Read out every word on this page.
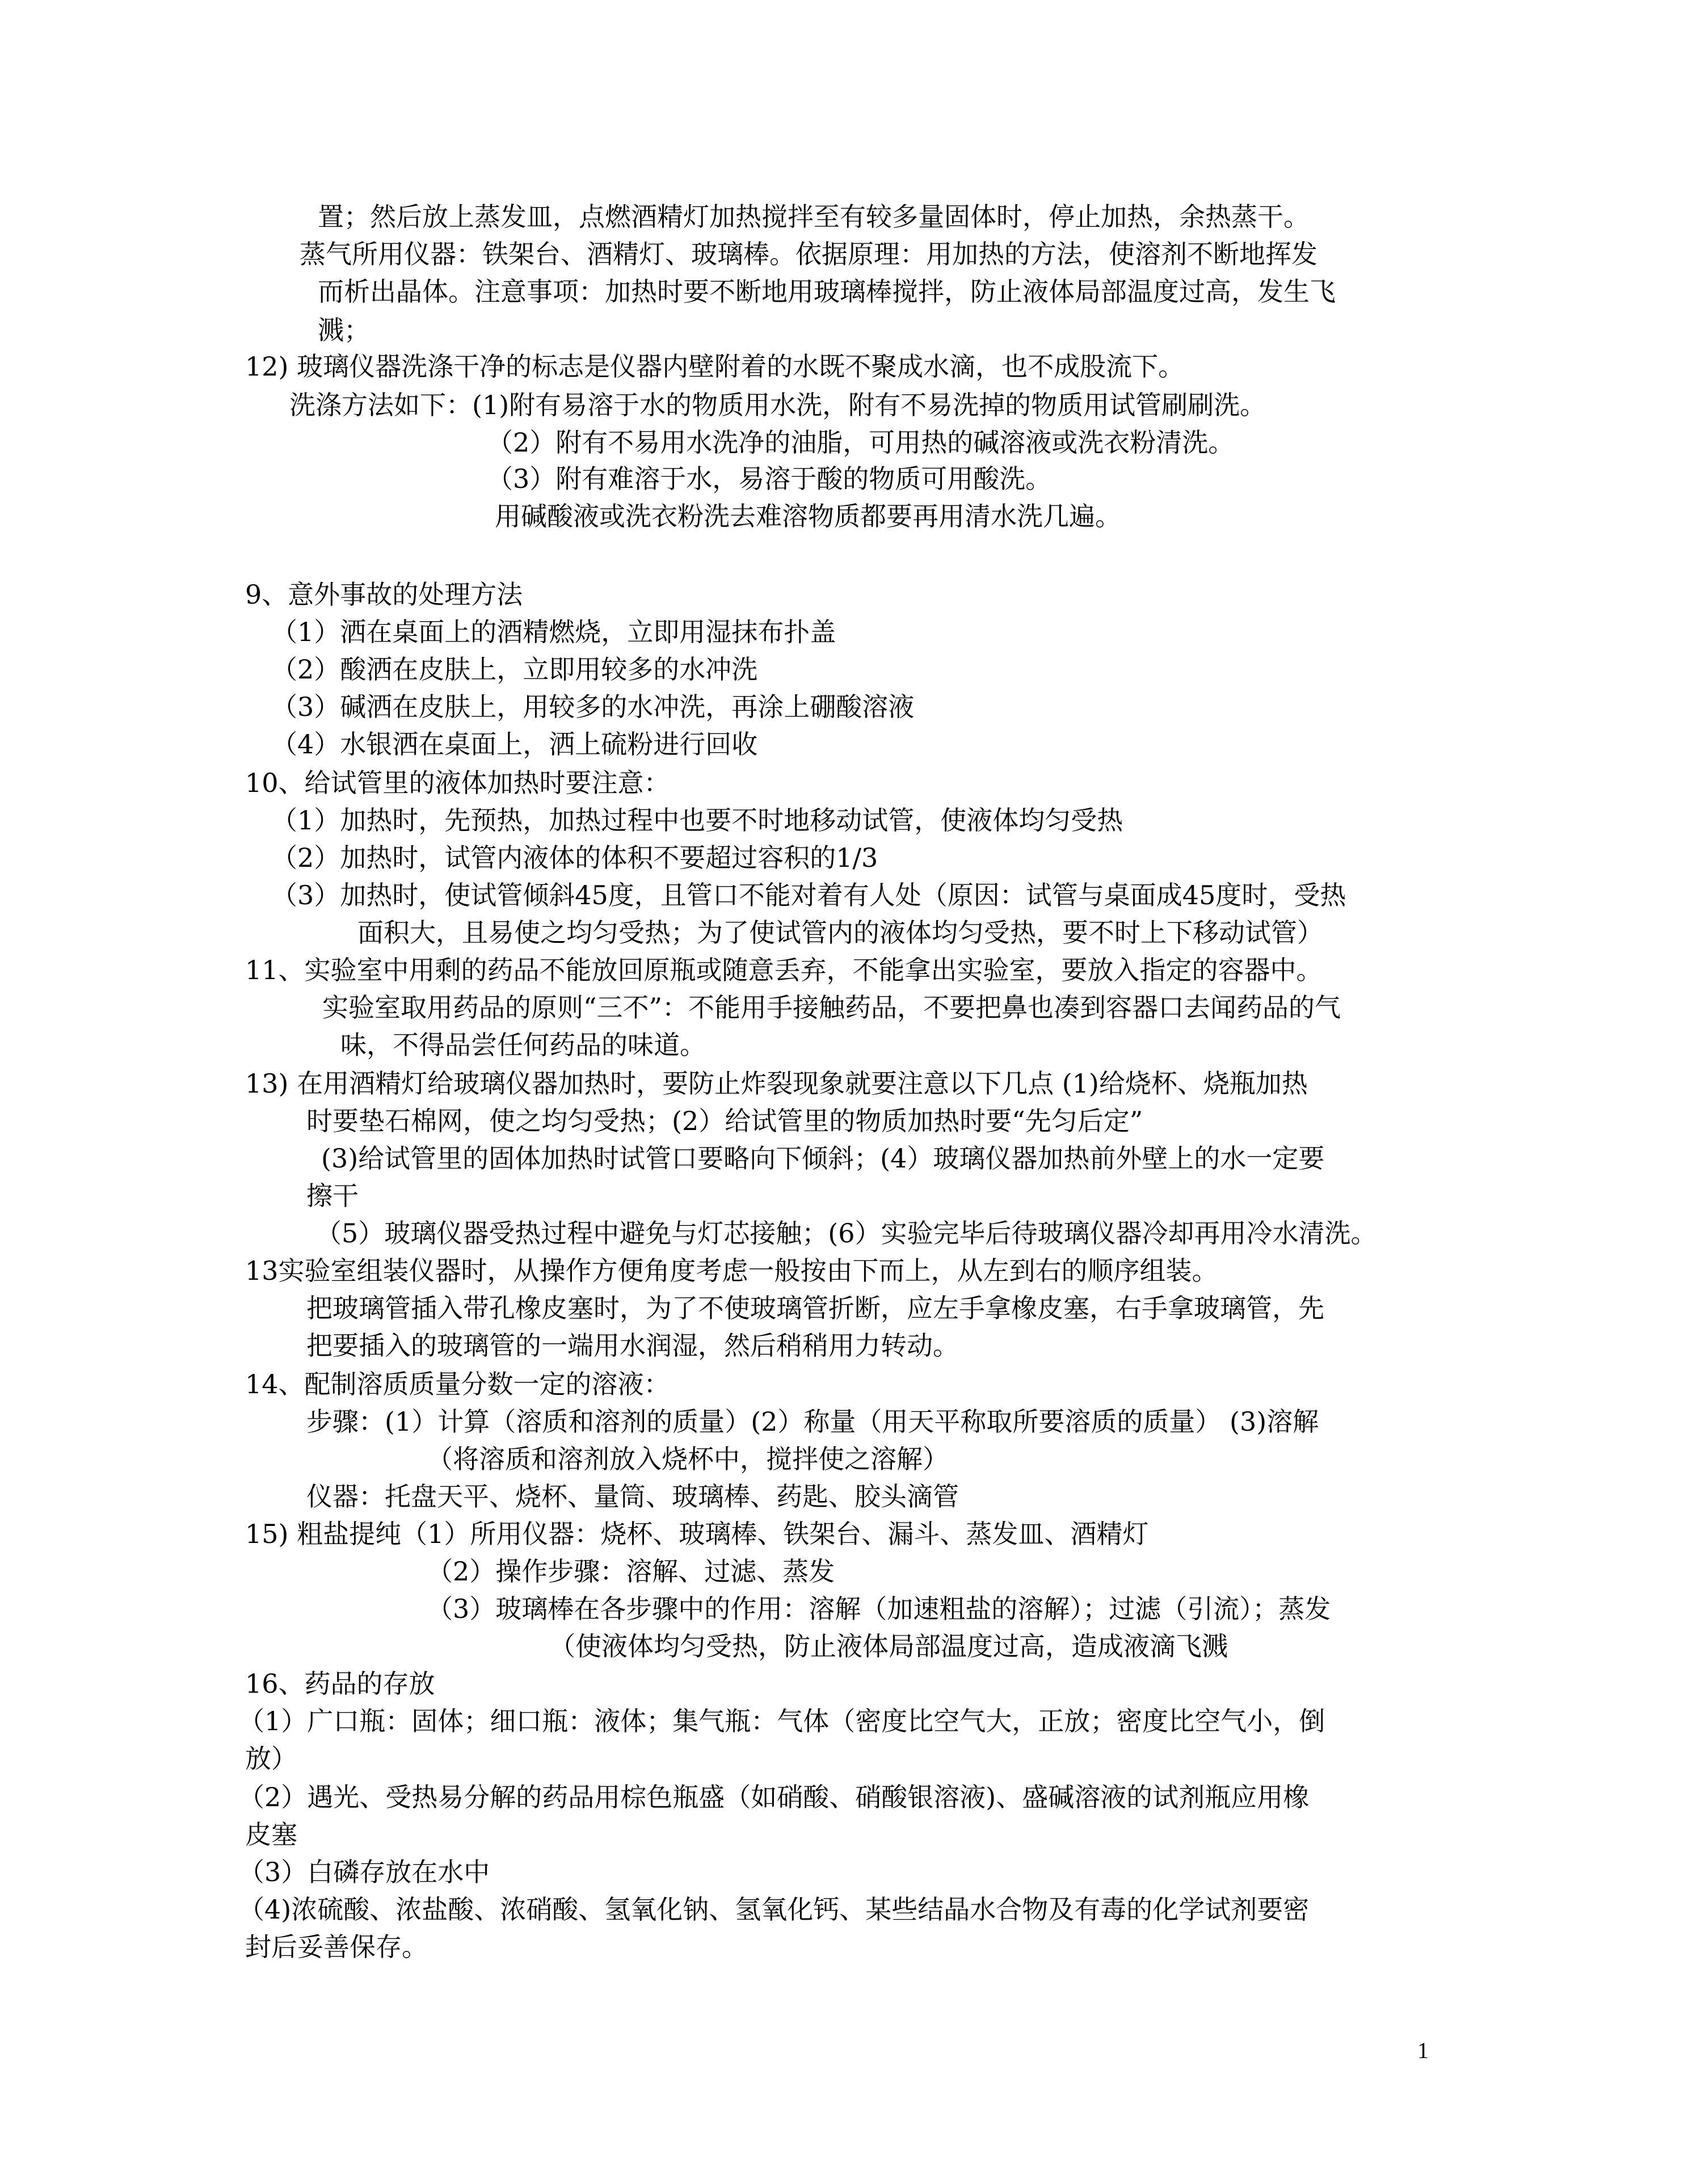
置；然后放上蒸发皿，点燃酒精灯加热搅拌至有较多量固体时，停止加热，余热蒸干。
蒸气所用仪器：铁架台、酒精灯、玻璃棒。依据原理：用加热的方法，使溶剂不断地挥发
而析出晶体。注意事项：加热时要不断地用玻璃棒搅拌，防止液体局部温度过高，发生飞
溅；
12) 玻璃仪器洗涤干净的标志是仪器内壁附着的水既不聚成水滴，也不成股流下。
洗涤方法如下：(1)附有易溶于水的物质用水洗，附有不易洗掉的物质用试管刷刷洗。
（2）附有不易用水洗净的油脂，可用热的碱溶液或洗衣粉清洗。
（3）附有难溶于水，易溶于酸的物质可用酸洗。
用碱酸液或洗衣粉洗去难溶物质都要再用清水洗几遍。
9、意外事故的处理方法
（1）洒在桌面上的酒精燃烧，立即用湿抹布扑盖
（2）酸洒在皮肤上，立即用较多的水冲洗
（3）碱洒在皮肤上，用较多的水冲洗，再涂上硼酸溶液
（4）水银洒在桌面上，洒上硫粉进行回收
10、给试管里的液体加热时要注意：
（1）加热时，先预热，加热过程中也要不时地移动试管，使液体均匀受热
（2）加热时，试管内液体的体积不要超过容积的1/3
（3）加热时，使试管倾斜45度，且管口不能对着有人处（原因：试管与桌面成45度时，受热
面积大，且易使之均匀受热；为了使试管内的液体均匀受热，要不时上下移动试管）
11、实验室中用剩的药品不能放回原瓶或随意丢弃，不能拿出实验室，要放入指定的容器中。
实验室取用药品的原则“三不”：不能用手接触药品，不要把鼻也凑到容器口去闻药品的气
味，不得品尝任何药品的味道。
13) 在用酒精灯给玻璃仪器加热时，要防止炸裂现象就要注意以下几点 (1)给烧杯、烧瓶加热
时要垫石棉网，使之均匀受热；(2）给试管里的物质加热时要“先匀后定”
(3)给试管里的固体加热时试管口要略向下倾斜；(4）玻璃仪器加热前外壁上的水一定要
擦干
（5）玻璃仪器受热过程中避免与灯芯接触；(6）实验完毕后待玻璃仪器冷却再用冷水清洗。
13实验室组装仪器时，从操作方便角度考虑一般按由下而上，从左到右的顺序组装。
把玻璃管插入带孔橡皮塞时，为了不使玻璃管折断，应左手拿橡皮塞，右手拿玻璃管，先
把要插入的玻璃管的一端用水润湿，然后稍稍用力转动。
14、配制溶质质量分数一定的溶液：
步骤：(1）计算（溶质和溶剂的质量）(2）称量（用天平称取所要溶质的质量） (3)溶解
（将溶质和溶剂放入烧杯中，搅拌使之溶解）
仪器：托盘天平、烧杯、量筒、玻璃棒、药匙、胶头滴管
15) 粗盐提纯（1）所用仪器：烧杯、玻璃棒、铁架台、漏斗、蒸发皿、酒精灯
（2）操作步骤：溶解、过滤、蒸发
（3）玻璃棒在各步骤中的作用：溶解（加速粗盐的溶解）；过滤（引流）；蒸发
（使液体均匀受热，防止液体局部温度过高，造成液滴飞溅
16、药品的存放
（1）广口瓶：固体；细口瓶：液体；集气瓶：气体（密度比空气大，正放；密度比空气小，倒
放）
（2）遇光、受热易分解的药品用棕色瓶盛（如硝酸、硝酸银溶液)、盛碱溶液的试剂瓶应用橡
皮塞
（3）白磷存放在水中
（4)浓硫酸、浓盐酸、浓硝酸、氢氧化钠、氢氧化钙、某些结晶水合物及有毒的化学试剂要密
封后妥善保存。
1
